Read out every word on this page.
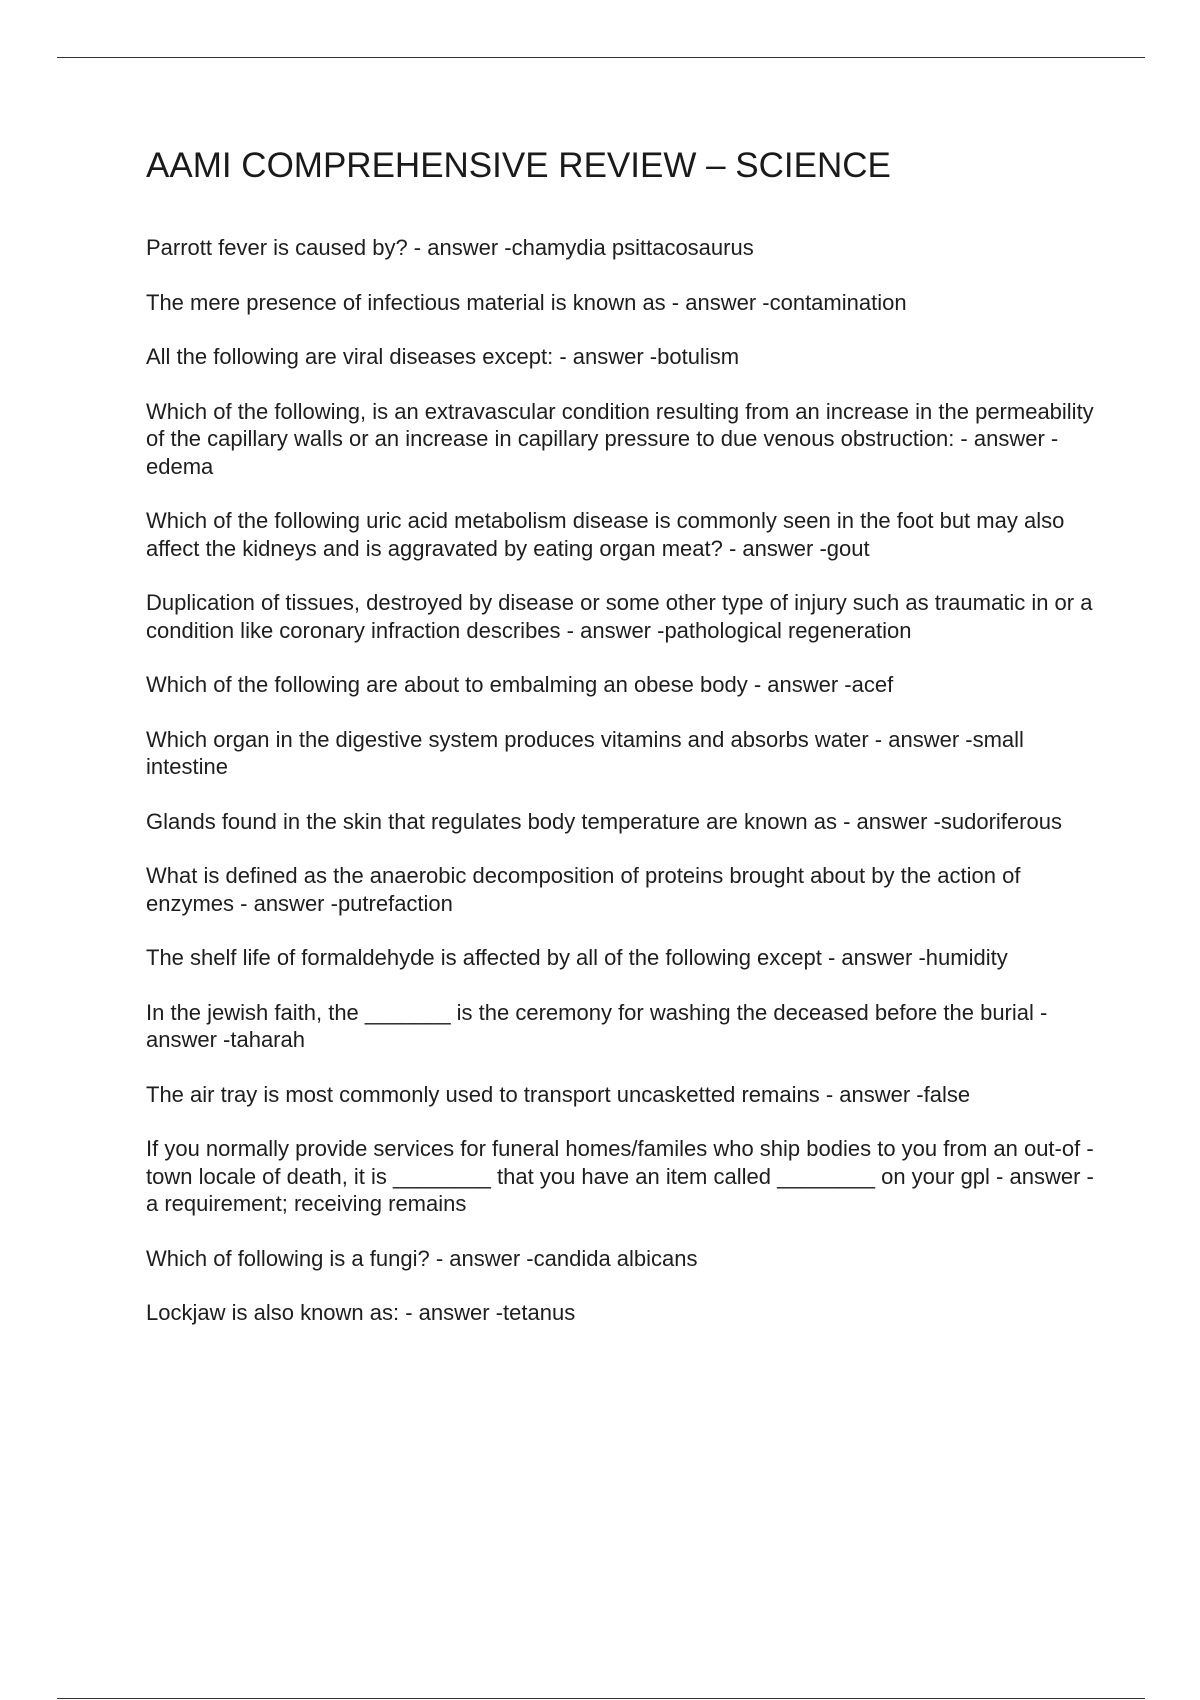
AAMI COMPREHENSIVE REVIEW – SCIENCE

Parrott fever is caused by? - answer -chamydia psittacosaurus

The mere presence of infectious material is known as - answer -contamination

All the following are viral diseases except: - answer -botulism

Which of the following, is an extravascular condition resulting from an increase in the permeability of the capillary walls or an increase in capillary pressure to due venous obstruction: - answer -edema

Which of the following uric acid metabolism disease is commonly seen in the foot but may also affect the kidneys and is aggravated by eating organ meat? - answer -gout

Duplication of tissues, destroyed by disease or some other type of injury such as traumatic in or a condition like coronary infraction describes - answer -pathological regeneration

Which of the following are about to embalming an obese body - answer -acef

Which organ in the digestive system produces vitamins and absorbs water - answer -small intestine

Glands found in the skin that regulates body temperature are known as - answer -sudoriferous

What is defined as the anaerobic decomposition of proteins brought about by the action of enzymes - answer -putrefaction

The shelf life of formaldehyde is affected by all of the following except - answer -humidity

In the jewish faith, the _______ is the ceremony for washing the deceased before the burial - answer -taharah

The air tray is most commonly used to transport uncasketted remains - answer -false

If you normally provide services for funeral homes/familes who ship bodies to you from an out-of -town locale of death, it is ________ that you have an item called ________ on your gpl - answer -a requirement; receiving remains

Which of following is a fungi? - answer -candida albicans

Lockjaw is also known as: - answer -tetanus
